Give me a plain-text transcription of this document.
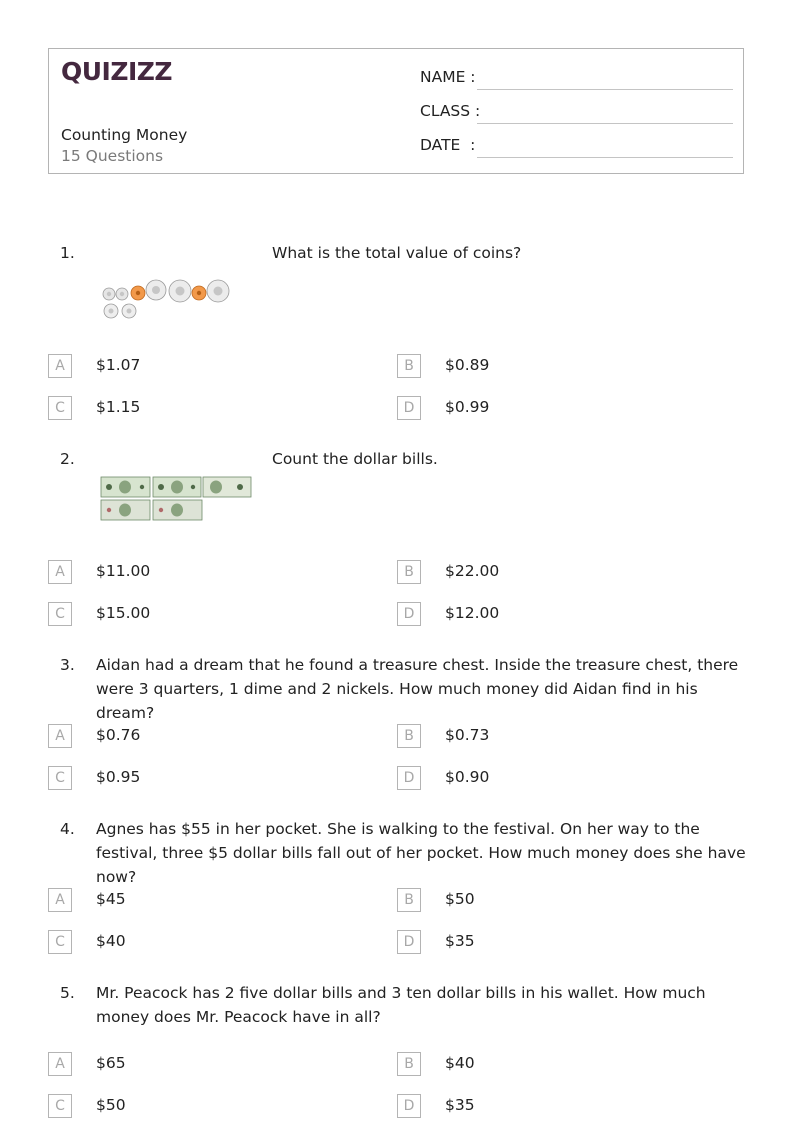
QUIZIZZ
Counting Money
15 Questions
NAME :
CLASS :
DATE  :
1.	What is the total value of coins?
A	$1.07	B	$0.89
C	$1.15	D	$0.99
2.	Count the dollar bills.
A	$11.00	B	$22.00
C	$15.00	D	$12.00
3. Aidan had a dream that he found a treasure chest. Inside the treasure chest, there were 3 quarters, 1 dime and 2 nickels. How much money did Aidan find in his dream?
A	$0.76	B	$0.73
C	$0.95	D	$0.90
4. Agnes has $55 in her pocket. She is walking to the festival. On her way to the festival, three $5 dollar bills fall out of her pocket. How much money does she have now?
A	$45	B	$50
C	$40	D	$35
5. Mr. Peacock has 2 five dollar bills and 3 ten dollar bills in his wallet. How much money does Mr. Peacock have in all?
A	$65	B	$40
C	$50	D	$35
